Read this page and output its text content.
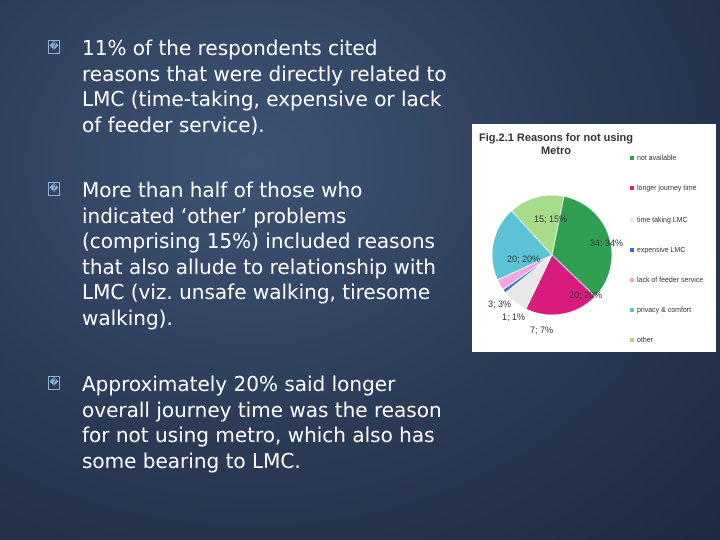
� 11% of the respondents cited reasons that were directly related to LMC (time-taking, expensive or lack of feeder service).
� More than half of those who indicated ‘other’ problems (comprising 15%) included reasons that also allude to relationship with LMC (viz. unsafe walking, tiresome walking).
� Approximately 20% said longer overall journey time was the reason for not using metro, which also has some bearing to LMC.
34; 34%
20; 20%
7; 7%
1; 1%
3; 3%
20; 20%
15; 15%
Fig.2.1 Reasons for not using Metro
not available
longer journey time
time taking LMC
expensive LMC
lack of feeder service
privacy & comfort
other
